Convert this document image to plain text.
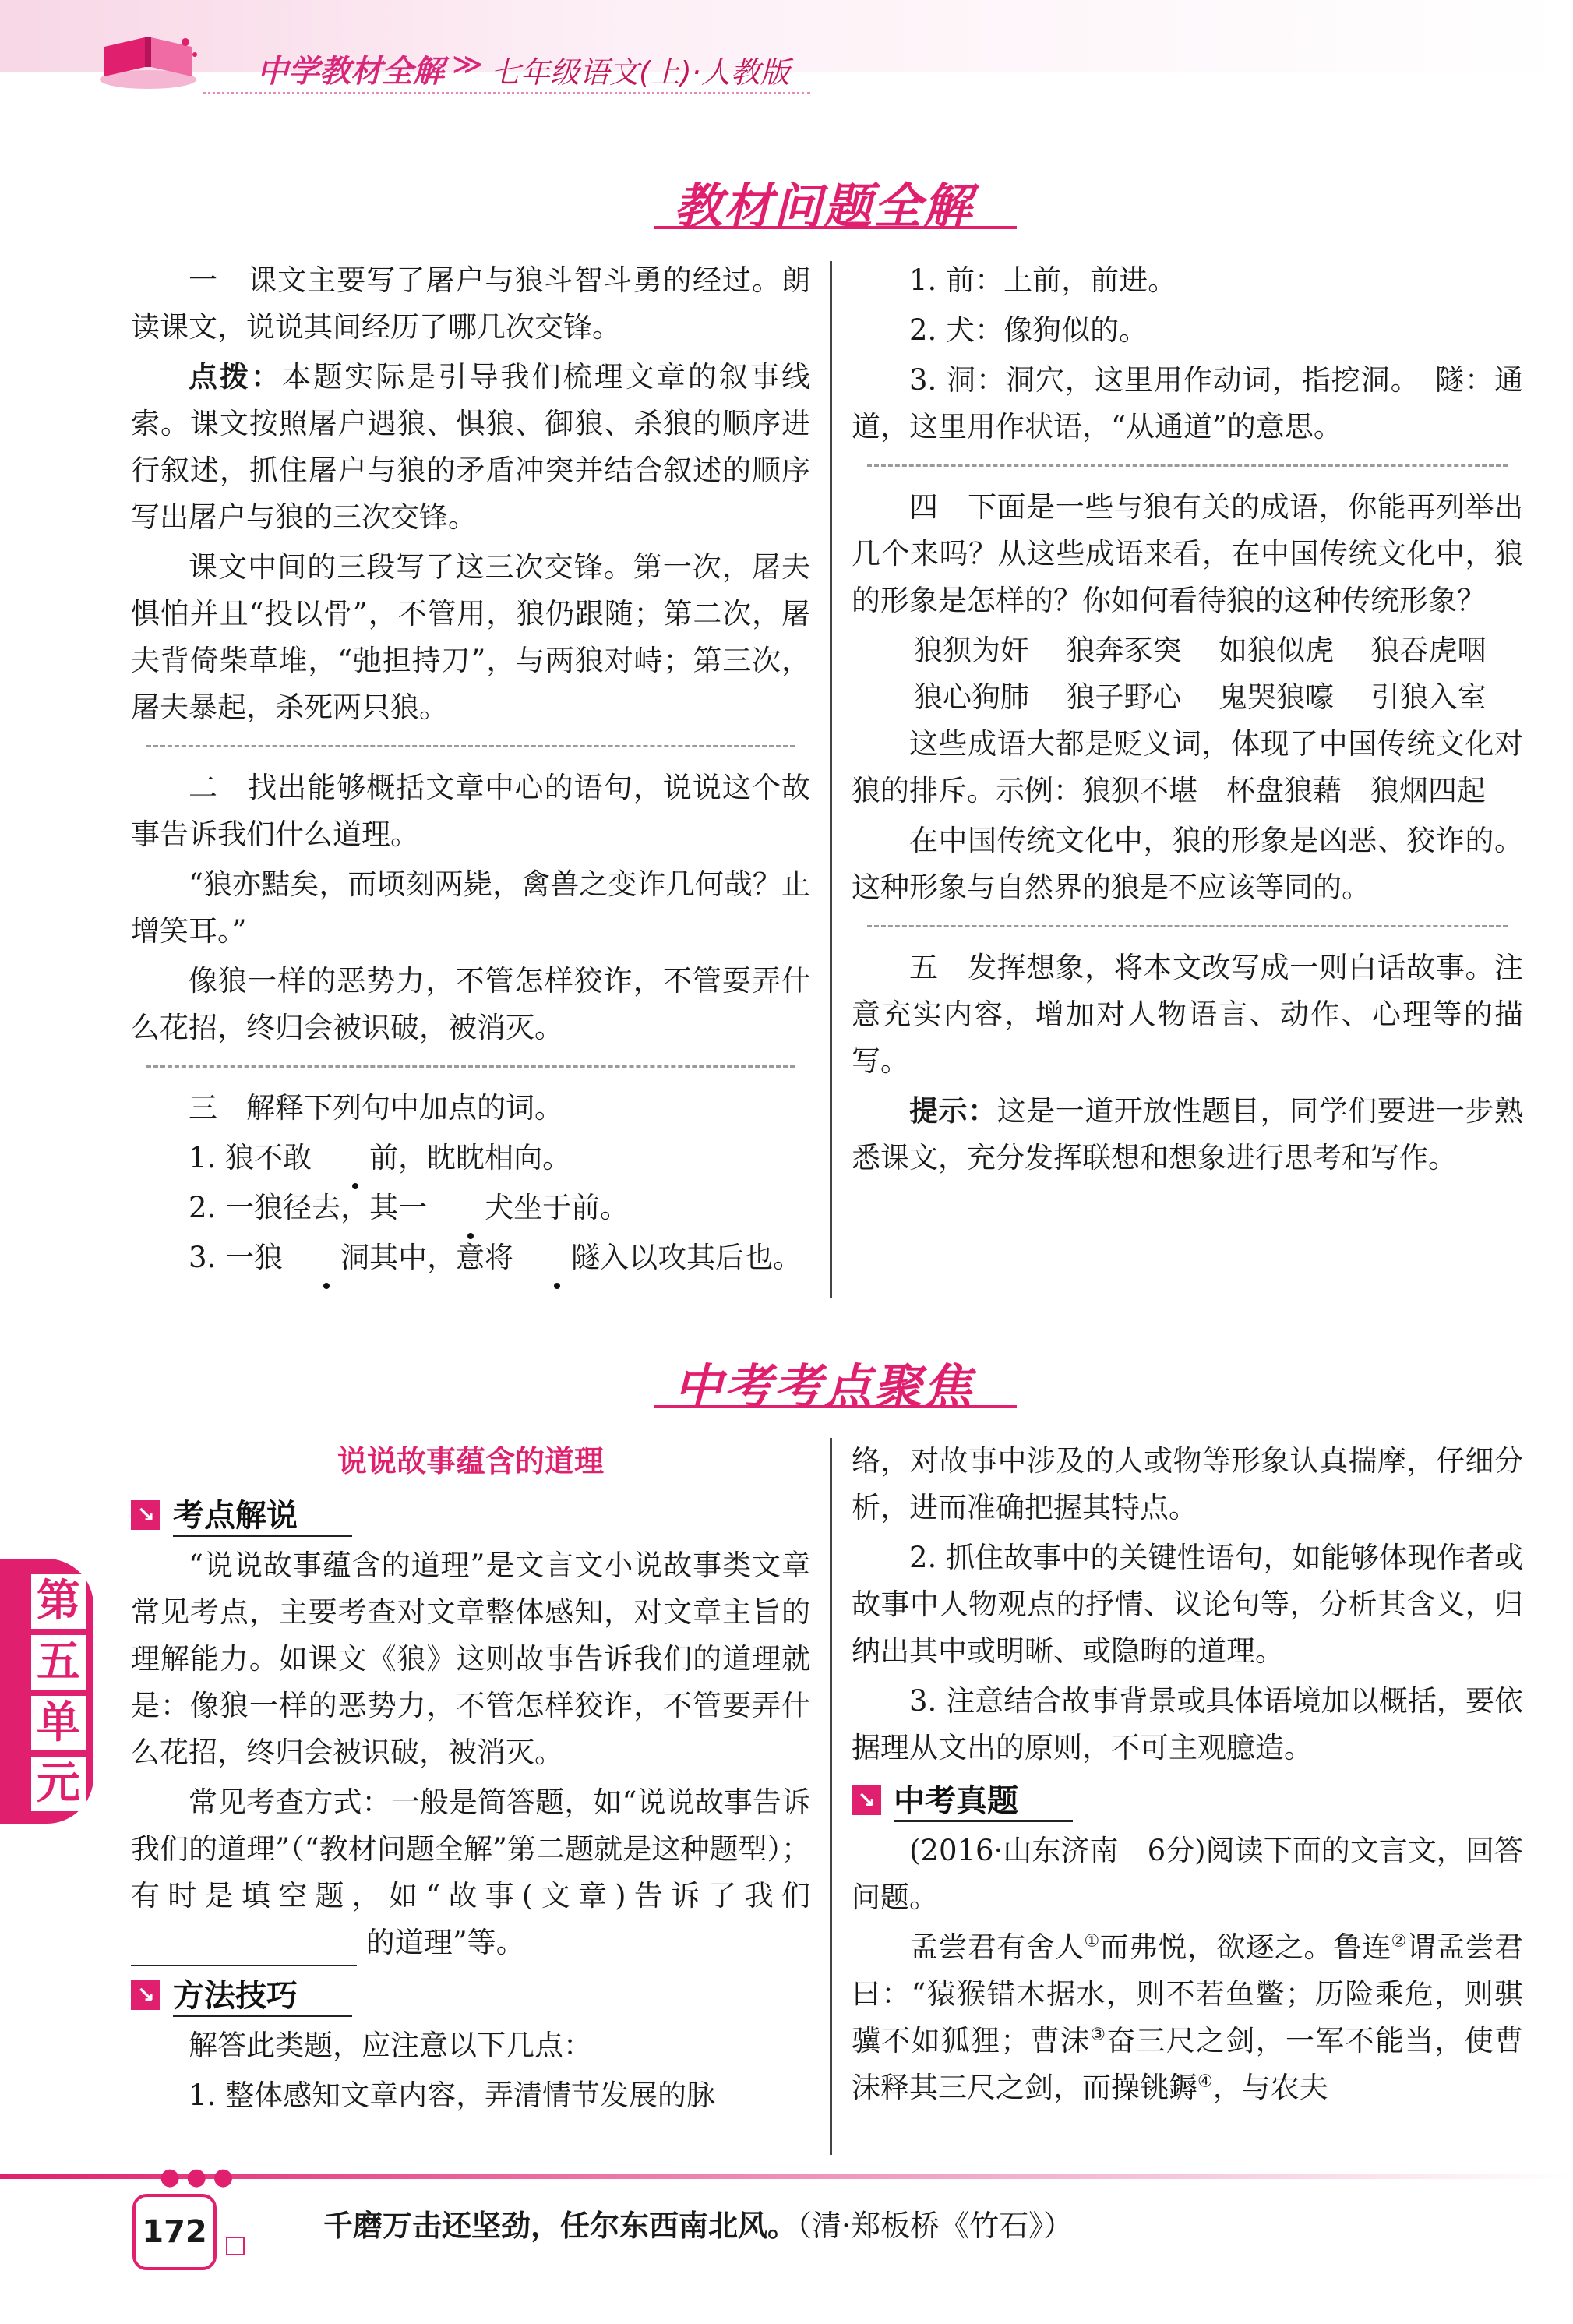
中学教材全解 ≫ 七年级语文(上)·人教版
教材问题全解

一　课文主要写了屠户与狼斗智斗勇的经过。朗读课文，说说其间经历了哪几次交锋。

点拨：本题实际是引导我们梳理文章的叙事线索。课文按照屠户遇狼、惧狼、御狼、杀狼的顺序进行叙述，抓住屠户与狼的矛盾冲突并结合叙述的顺序写出屠户与狼的三次交锋。

课文中间的三段写了这三次交锋。第一次，屠夫惧怕并且“投以骨”，不管用，狼仍跟随；第二次，屠夫背倚柴草堆，“弛担持刀”，与两狼对峙；第三次，屠夫暴起，杀死两只狼。

二　找出能够概括文章中心的语句，说说这个故事告诉我们什么道理。

“狼亦黠矣，而顷刻两毙，禽兽之变诈几何哉？止增笑耳。”

像狼一样的恶势力，不管怎样狡诈，不管耍弄什么花招，终归会被识破，被消灭。

三　解释下列句中加点的词。

1. 狼不敢 前，眈眈相向。

2. 一狼径去，其一 犬坐于前。

3. 一狼 洞其中，意将 隧入以攻其后也。

1. 前：上前，前进。

2. 犬：像狗似的。

3. 洞：洞穴，这里用作动词，指挖洞。　隧：通道，这里用作状语，“从通道”的意思。

四　下面是一些与狼有关的成语，你能再列举出几个来吗？从这些成语来看，在中国传统文化中，狼的形象是怎样的？你如何看待狼的这种传统形象？

狼狈为奸	狼奔豕突	如狼似虎	狼吞虎咽
狼心狗肺	狼子野心	鬼哭狼嚎	引狼入室

这些成语大都是贬义词，体现了中国传统文化对狼的排斥。示例：狼狈不堪　杯盘狼藉　狼烟四起

在中国传统文化中，狼的形象是凶恶、狡诈的。这种形象与自然界的狼是不应该等同的。

五　发挥想象，将本文改写成一则白话故事。注意充实内容，增加对人物语言、动作、心理等的描写。

提示：这是一道开放性题目，同学们要进一步熟悉课文，充分发挥联想和想象进行思考和写作。

中考考点聚焦
说说故事蕴含的道理
↘ 考点解说

“说说故事蕴含的道理”是文言文小说故事类文章常见考点，主要考查对文章整体感知，对文章主旨的理解能力。如课文《狼》这则故事告诉我们的道理就是：像狼一样的恶势力，不管怎样狡诈，不管要弄什么花招，终归会被识破，被消灭。

常见考查方式：一般是简答题，如“说说故事告诉我们的道理”（“教材问题全解”第二题就是这种题型）；有时是填空题，如“故事(文章)告诉了我们  的道理”等。

↘ 方法技巧

解答此类题，应注意以下几点：

1. 整体感知文章内容，弄清情节发展的脉

络，对故事中涉及的人或物等形象认真揣摩，仔细分析，进而准确把握其特点。

2. 抓住故事中的关键性语句，如能够体现作者或故事中人物观点的抒情、议论句等，分析其含义，归纳出其中或明晰、或隐晦的道理。

3. 注意结合故事背景或具体语境加以概括，要依据理从文出的原则，不可主观臆造。

↘ 中考真题

(2016·山东济南　6分)阅读下面的文言文，回答问题。

孟尝君有舍人①而弗悦，欲逐之。鲁连②谓孟尝君曰：“猿猴错木据水，则不若鱼鳖；历险乘危，则骐骥不如狐狸；曹沫③奋三尺之剑，一军不能当，使曹沫释其三尺之剑，而操铫鎒④，与农夫

第
五
单
元
●●●
172	千磨万击还坚劲，任尔东西南北风。（清·郑板桥《竹石》）
